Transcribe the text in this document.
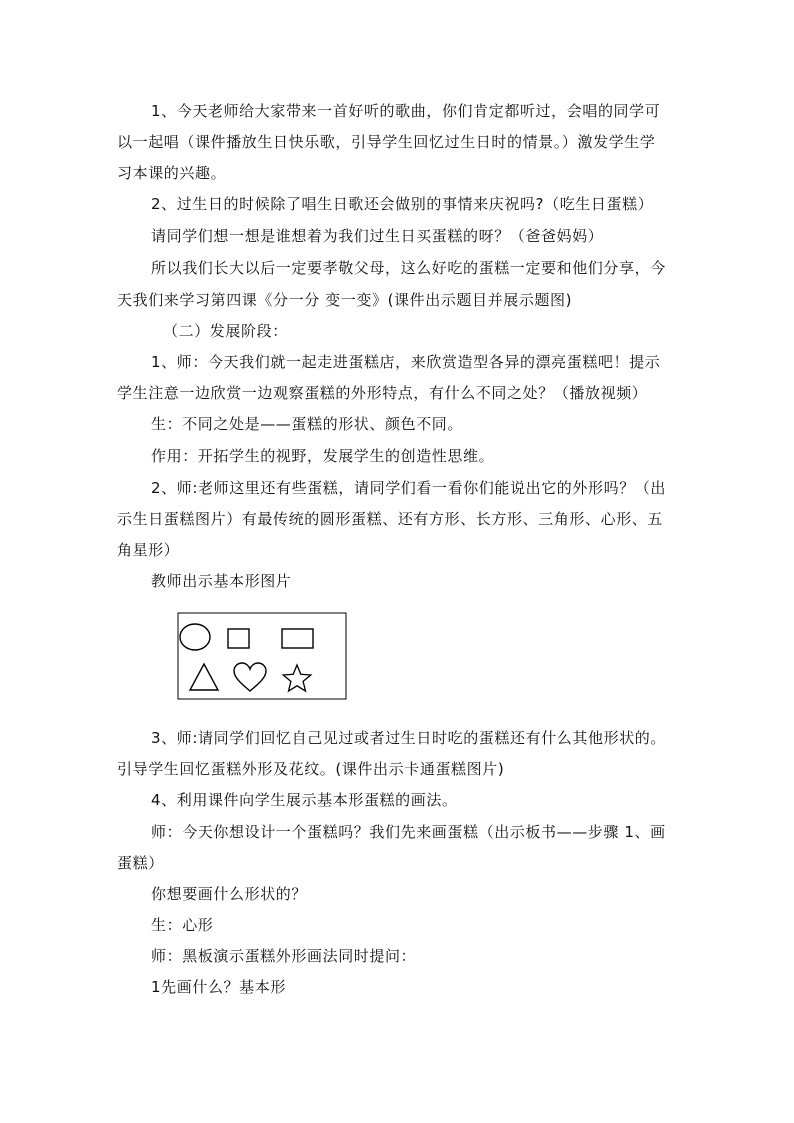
1、今天老师给大家带来一首好听的歌曲，你们肯定都听过，会唱的同学可
以一起唱（课件播放生日快乐歌，引导学生回忆过生日时的情景。）激发学生学
习本课的兴趣。
2、过生日的时候除了唱生日歌还会做别的事情来庆祝吗?（吃生日蛋糕）
请同学们想一想是谁想着为我们过生日买蛋糕的呀？（爸爸妈妈）
所以我们长大以后一定要孝敬父母，这么好吃的蛋糕一定要和他们分享，今
天我们来学习第四课《分一分 变一变》(课件出示题目并展示题图)
（二）发展阶段：
1、师：今天我们就一起走进蛋糕店，来欣赏造型各异的漂亮蛋糕吧！提示
学生注意一边欣赏一边观察蛋糕的外形特点，有什么不同之处？（播放视频）
生：不同之处是——蛋糕的形状、颜色不同。
作用：开拓学生的视野，发展学生的创造性思维。
2、师:老师这里还有些蛋糕，请同学们看一看你们能说出它的外形吗？（出
示生日蛋糕图片）有最传统的圆形蛋糕、还有方形、长方形、三角形、心形、五
角星形）
教师出示基本形图片
3、师:请同学们回忆自己见过或者过生日时吃的蛋糕还有什么其他形状的。
引导学生回忆蛋糕外形及花纹。(课件出示卡通蛋糕图片)
4、利用课件向学生展示基本形蛋糕的画法。
师：今天你想设计一个蛋糕吗？我们先来画蛋糕（出示板书——步骤 1、画
蛋糕）
你想要画什么形状的？
生：心形
师：黑板演示蛋糕外形画法同时提问：
1先画什么？基本形
